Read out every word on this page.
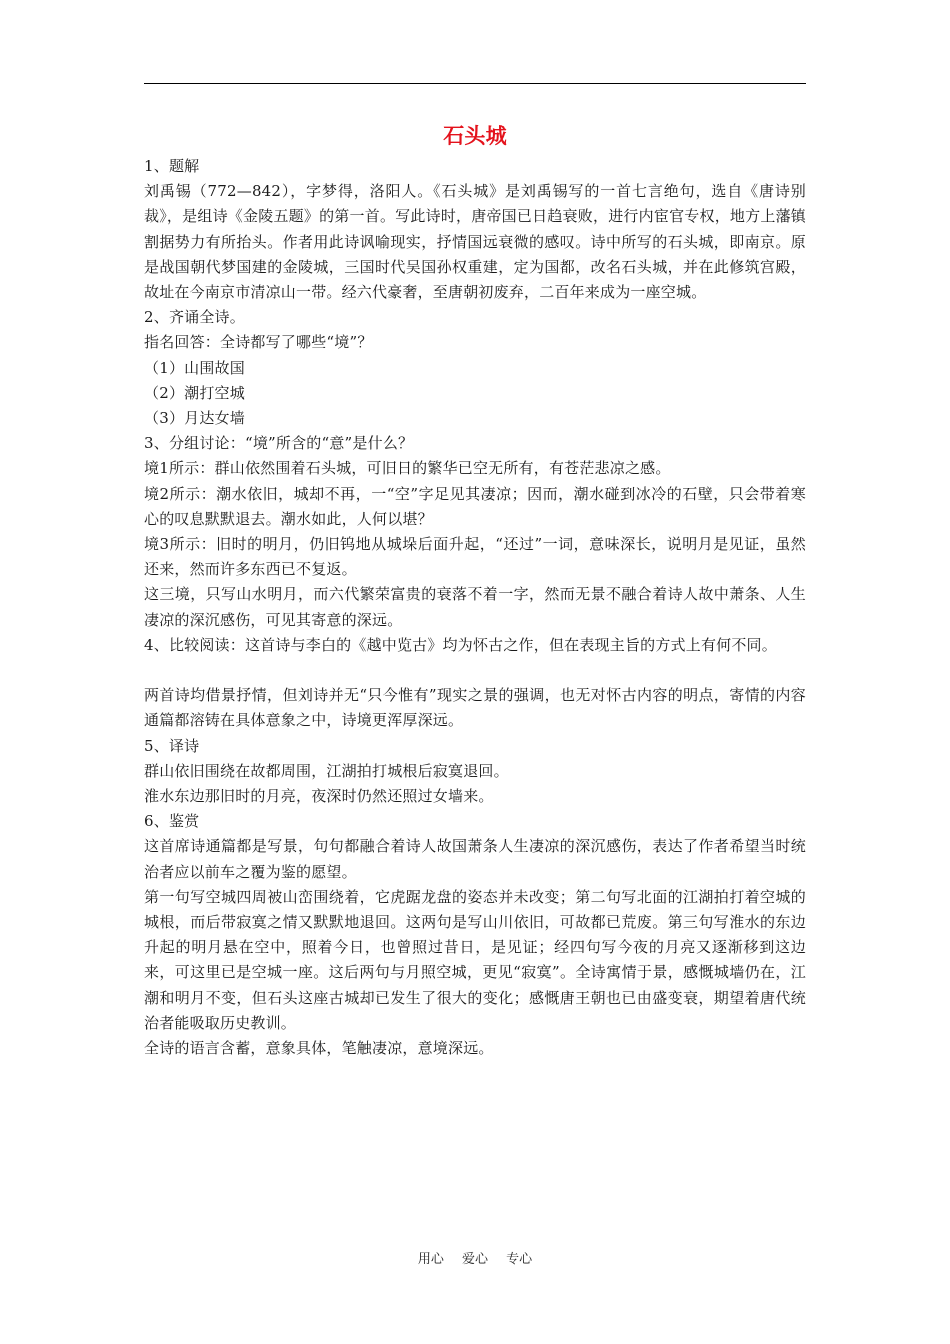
石头城

1、题解

刘禹锡（772—842），字梦得，洛阳人。《石头城》是刘禹锡写的一首七言绝句，选自《唐诗别裁》，是组诗《金陵五题》的第一首。写此诗时，唐帝国已日趋衰败，进行内宦官专权，地方上藩镇割据势力有所抬头。作者用此诗讽喻现实，抒情国远衰微的感叹。诗中所写的石头城，即南京。原是战国朝代梦国建的金陵城，三国时代吴国孙权重建，定为国都，改名石头城，并在此修筑宫殿，故址在今南京市清凉山一带。经六代豪奢，至唐朝初废弃，二百年来成为一座空城。

2、齐诵全诗。

指名回答：全诗都写了哪些“境”？

（1）山围故国

（2）潮打空城

（3）月达女墙

3、分组讨论：“境”所含的“意”是什么？

境1所示：群山依然围着石头城，可旧日的繁华已空无所有，有苍茫悲凉之感。

境2所示：潮水依旧，城却不再，一“空”字足见其凄凉；因而，潮水碰到冰冷的石壁，只会带着寒心的叹息默默退去。潮水如此，人何以堪？

境3所示：旧时的明月，仍旧钨地从城垛后面升起，“还过”一词，意味深长，说明月是见证，虽然还来，然而许多东西已不复返。

这三境，只写山水明月，而六代繁荣富贵的衰落不着一字，然而无景不融合着诗人故中萧条、人生凄凉的深沉感伤，可见其寄意的深远。

4、比较阅读：这首诗与李白的《越中览古》均为怀古之作，但在表现主旨的方式上有何不同。

两首诗均借景抒情，但刘诗并无“只今惟有”现实之景的强调，也无对怀古内容的明点，寄情的内容通篇都溶铸在具体意象之中，诗境更浑厚深远。

5、译诗

群山依旧围绕在故都周围，江湖拍打城根后寂寞退回。

淮水东边那旧时的月亮，夜深时仍然还照过女墙来。

6、鉴赏

这首席诗通篇都是写景，句句都融合着诗人故国萧条人生凄凉的深沉感伤，表达了作者希望当时统治者应以前车之覆为鉴的愿望。

第一句写空城四周被山峦围绕着，它虎踞龙盘的姿态并未改变；第二句写北面的江湖拍打着空城的城根，而后带寂寞之情又默默地退回。这两句是写山川依旧，可故都已荒废。第三句写淮水的东边升起的明月悬在空中，照着今日，也曾照过昔日，是见证；经四句写今夜的月亮又逐渐移到这边来，可这里已是空城一座。这后两句与月照空城，更见“寂寞”。全诗寓情于景，感慨城墙仍在，江潮和明月不变，但石头这座古城却已发生了很大的变化；感慨唐王朝也已由盛变衰，期望着唐代统治者能吸取历史教训。

全诗的语言含蓄，意象具体，笔触凄凉，意境深远。

用心 爱心 专心
